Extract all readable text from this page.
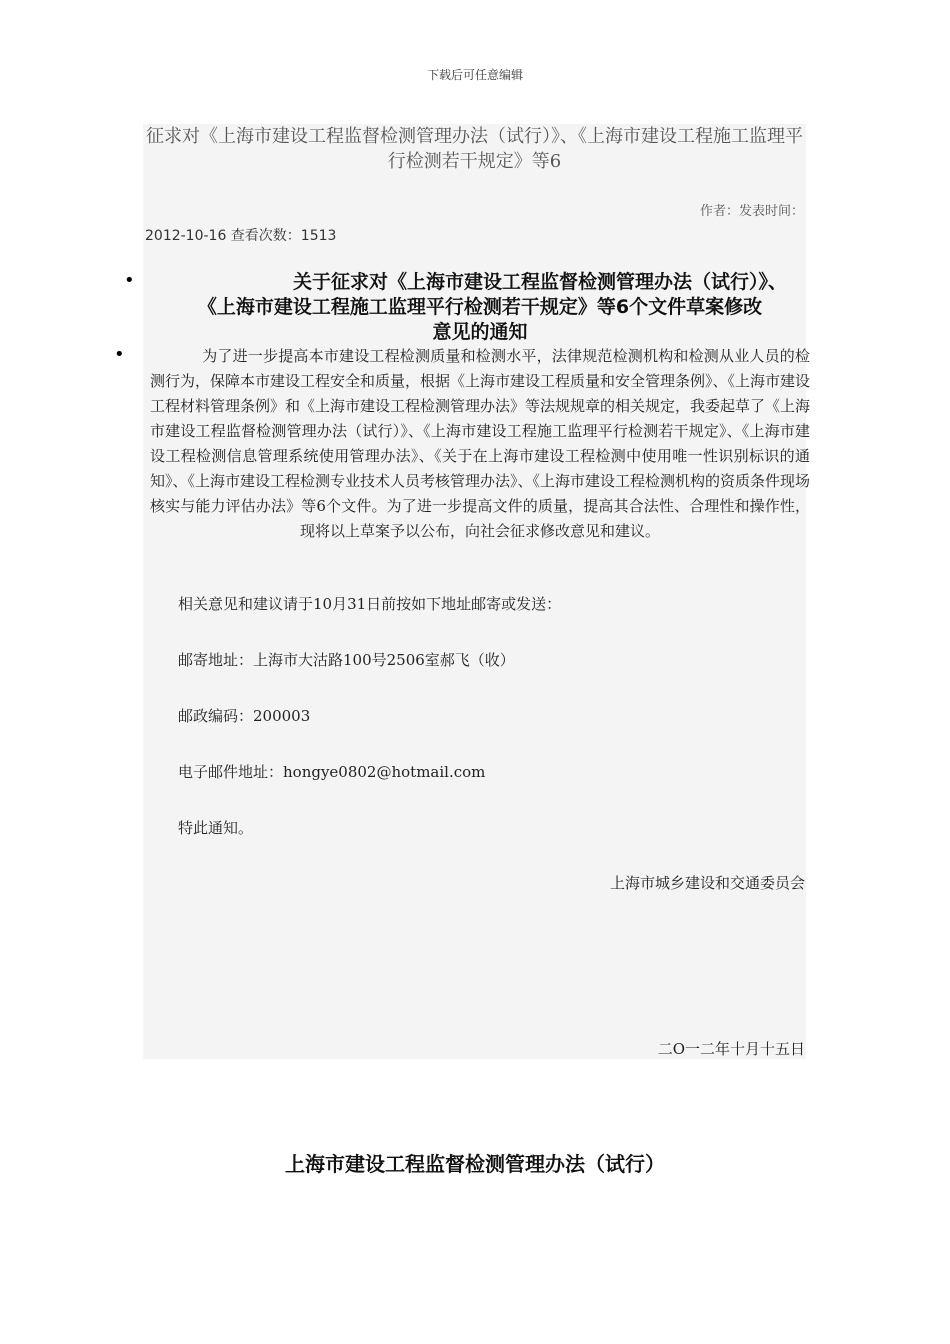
下载后可任意编辑
征求对《上海市建设工程监督检测管理办法（试行）》、《上海市建设工程施工监理平行检测若干规定》等6
作者：发表时间：
2012-10-16 查看次数：1513
•	关于征求对《上海市建设工程监督检测管理办法（试行）》、
《上海市建设工程施工监理平行检测若干规定》等6个文件草案修改
意见的通知
•	为了进一步提高本市建设工程检测质量和检测水平，法律规范检测机构和检测从业人员的检测行为，保障本市建设工程安全和质量，根据《上海市建设工程质量和安全管理条例》、《上海市建设工程材料管理条例》和《上海市建设工程检测管理办法》等法规规章的相关规定，我委起草了《上海市建设工程监督检测管理办法（试行）》、《上海市建设工程施工监理平行检测若干规定》、《上海市建设工程检测信息管理系统使用管理办法》、《关于在上海市建设工程检测中使用唯一性识别标识的通知》、《上海市建设工程检测专业技术人员考核管理办法》、《上海市建设工程检测机构的资质条件现场核实与能力评估办法》等6个文件。为了进一步提高文件的质量，提高其合法性、合理性和操作性，现将以上草案予以公布，向社会征求修改意见和建议。
相关意见和建议请于10月31日前按如下地址邮寄或发送：
邮寄地址：上海市大沽路100号2506室郝飞（收）
邮政编码：200003
电子邮件地址：hongye0802@hotmail.com
特此通知。
上海市城乡建设和交通委员会
二O一二年十月十五日
上海市建设工程监督检测管理办法（试行）
